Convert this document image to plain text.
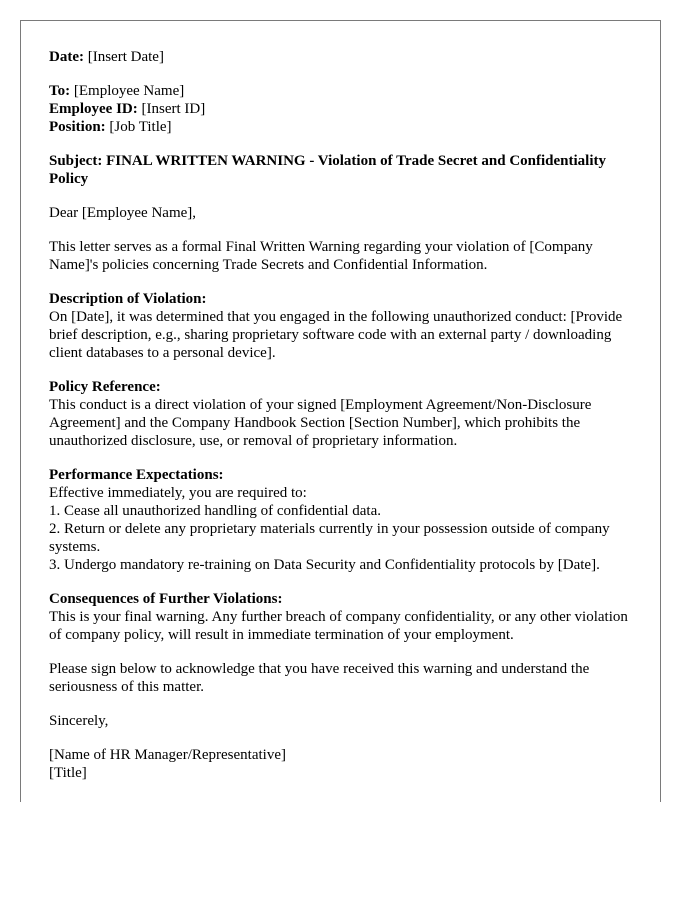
Date: [Insert Date]

To: [Employee Name]
Employee ID: [Insert ID]
Position: [Job Title]

Subject: FINAL WRITTEN WARNING - Violation of Trade Secret and Confidentiality Policy

Dear [Employee Name],

This letter serves as a formal Final Written Warning regarding your violation of [Company Name]'s policies concerning Trade Secrets and Confidential Information.

Description of Violation:
On [Date], it was determined that you engaged in the following unauthorized conduct: [Provide brief description, e.g., sharing proprietary software code with an external party / downloading client databases to a personal device].

Policy Reference:
This conduct is a direct violation of your signed [Employment Agreement/Non-Disclosure Agreement] and the Company Handbook Section [Section Number], which prohibits the unauthorized disclosure, use, or removal of proprietary information.

Performance Expectations:
Effective immediately, you are required to:
1. Cease all unauthorized handling of confidential data.
2. Return or delete any proprietary materials currently in your possession outside of company systems.
3. Undergo mandatory re-training on Data Security and Confidentiality protocols by [Date].

Consequences of Further Violations:
This is your final warning. Any further breach of company confidentiality, or any other violation of company policy, will result in immediate termination of your employment.

Please sign below to acknowledge that you have received this warning and understand the seriousness of this matter.

Sincerely,

[Name of HR Manager/Representative]
[Title]
